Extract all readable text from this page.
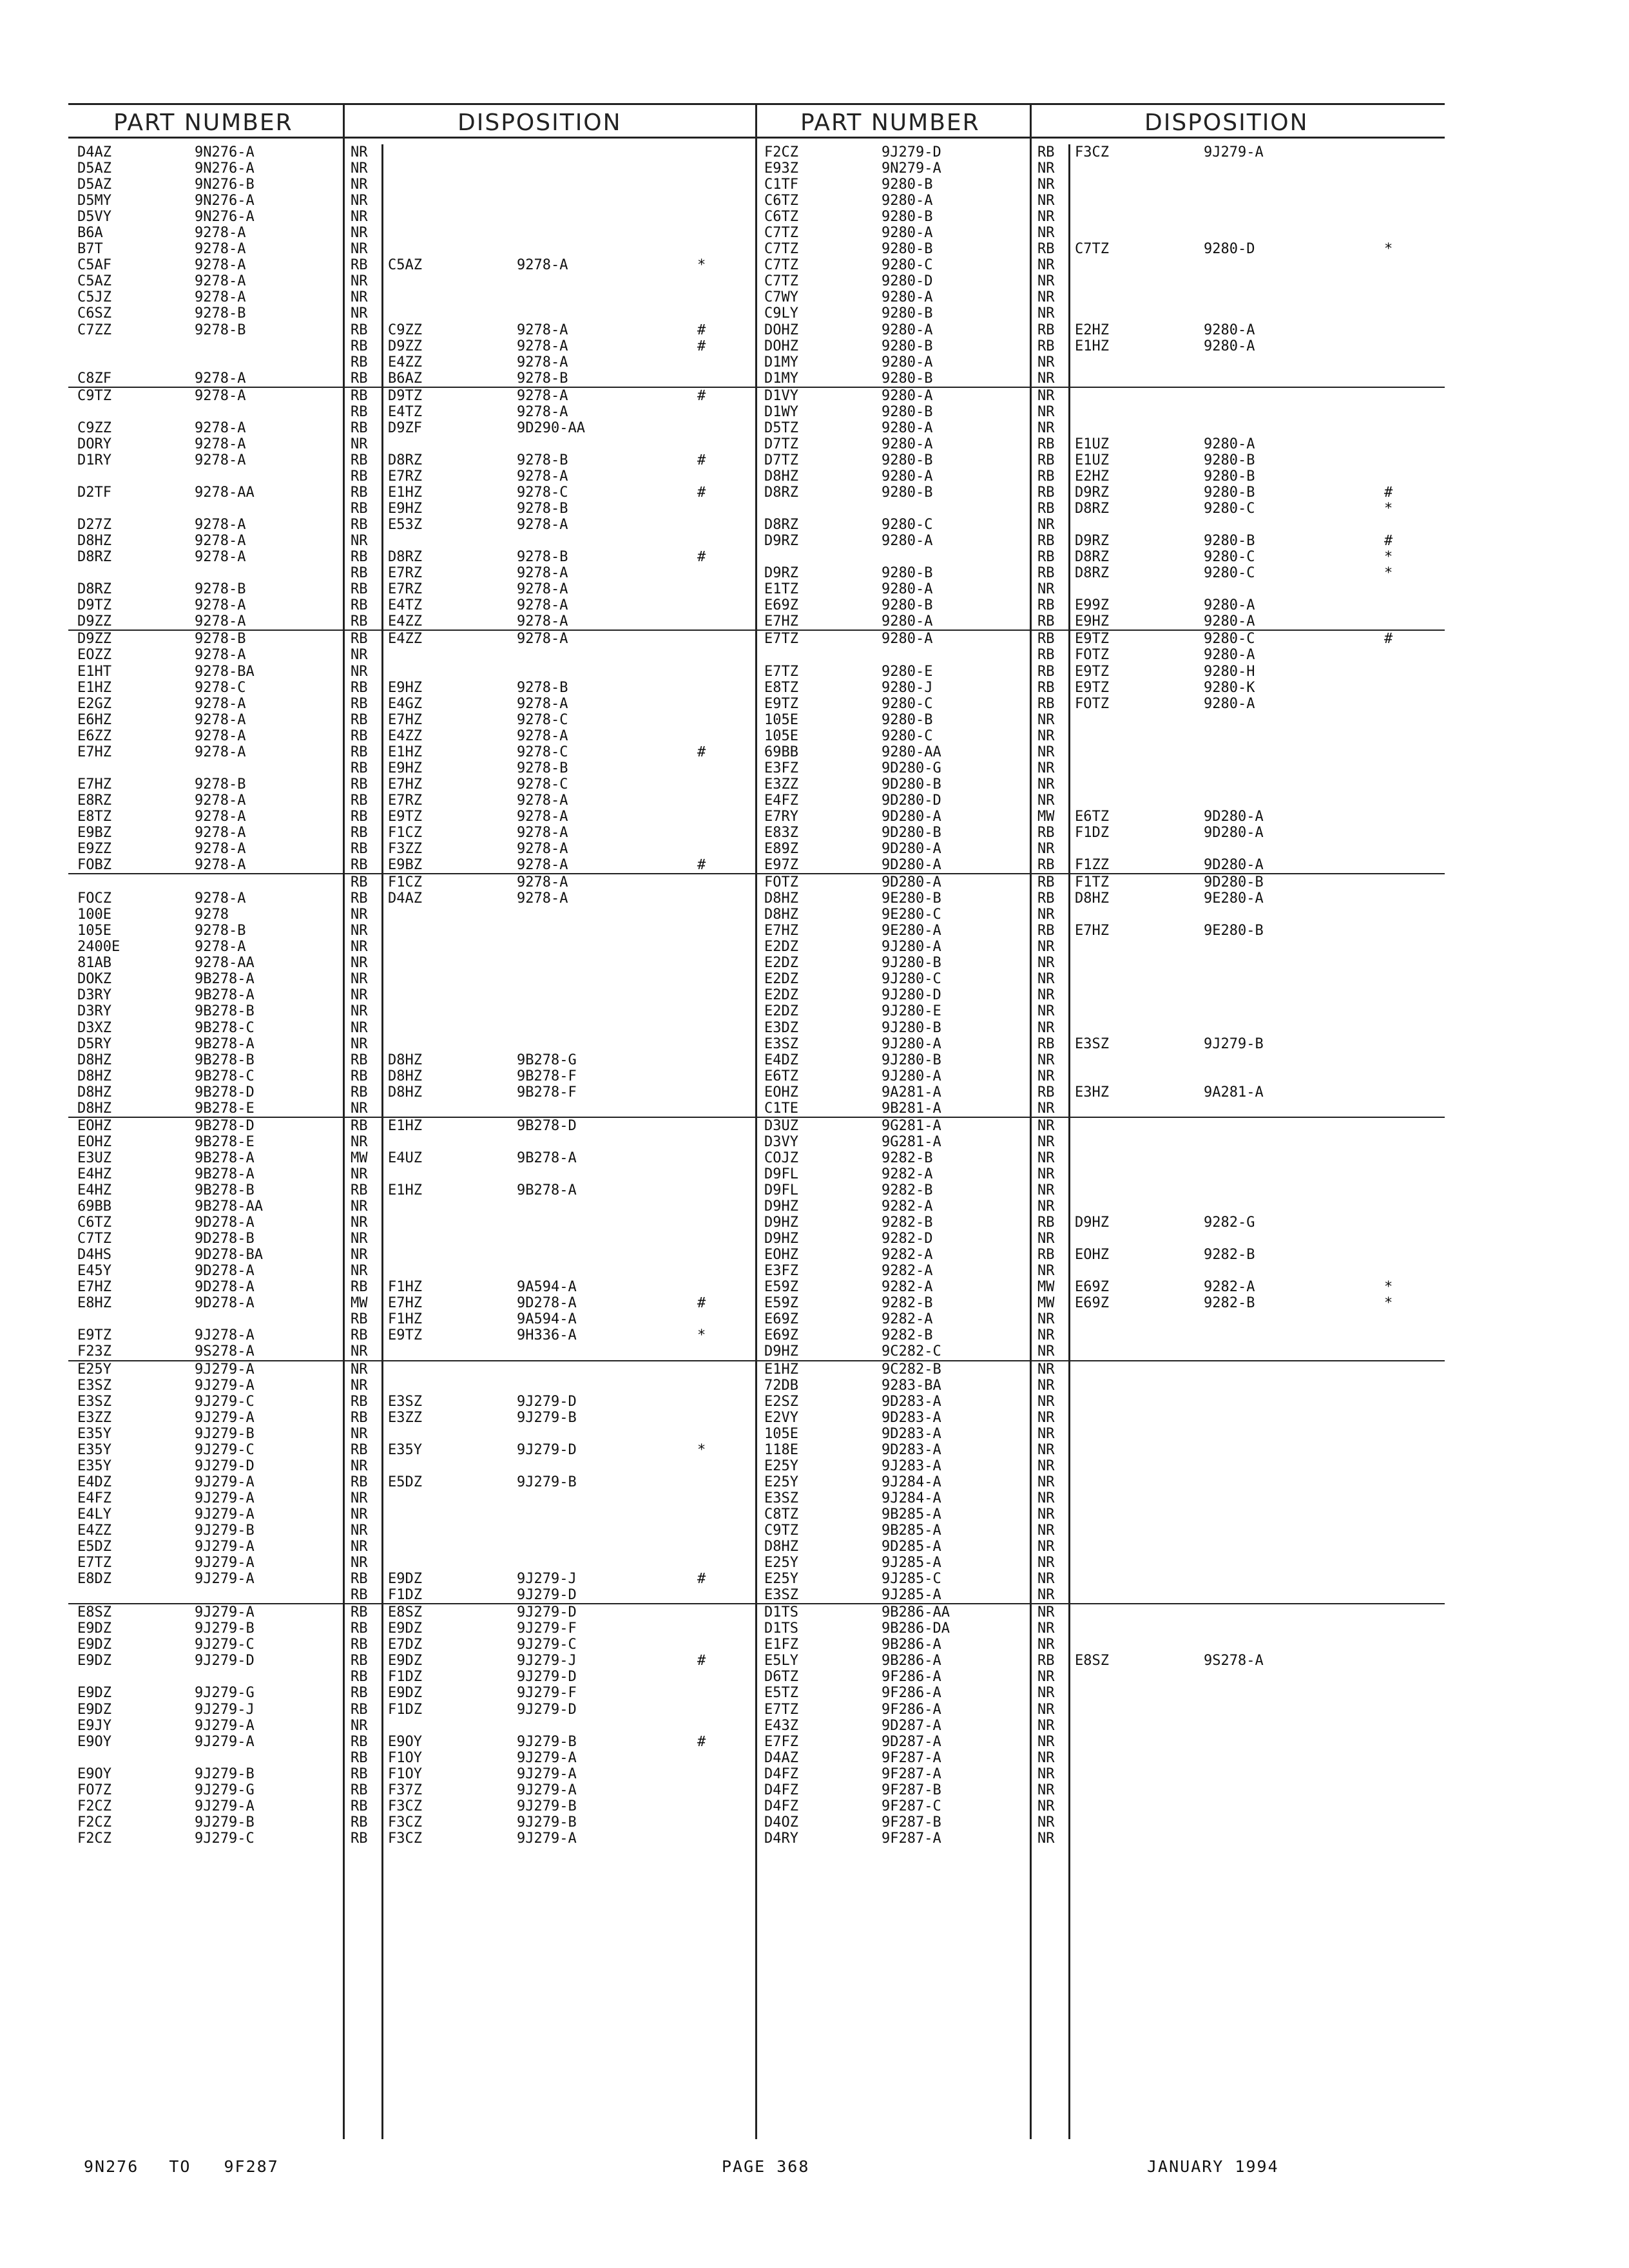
PART NUMBER	DISPOSITION
D4AZ	9N276-A	NR
D5AZ	9N276-A	NR
D5AZ	9N276-B	NR
D5MY	9N276-A	NR
D5VY	9N276-A	NR
B6A	9278-A	NR
B7T	9278-A	NR
C5AF	9278-A	RB C5AZ	9278-A	*
C5AZ	9278-A	NR
C5JZ	9278-A	NR
C6SZ	9278-B	NR
C7ZZ	9278-B	RB C9ZZ	9278-A	#
RB D9ZZ	9278-A	#
RB E4ZZ	9278-A
C8ZF	9278-A	RB B6AZ	9278-B
C9TZ	9278-A	RB D9TZ	9278-A	#
RB E4TZ	9278-A
C9ZZ	9278-A	RB D9ZF	9D290-AA
DORY	9278-A	NR
D1RY	9278-A	RB D8RZ	9278-B	#
RB E7RZ	9278-A
D2TF	9278-AA	RB E1HZ	9278-C	#
RB E9HZ	9278-B
D27Z	9278-A	RB E53Z	9278-A
D8HZ	9278-A	NR
D8RZ	9278-A	RB D8RZ	9278-B	#
RB E7RZ	9278-A
D8RZ	9278-B	RB E7RZ	9278-A
D9TZ	9278-A	RB E4TZ	9278-A
D9ZZ	9278-A	RB E4ZZ	9278-A
D9ZZ	9278-B	RB E4ZZ	9278-A
EOZZ	9278-A	NR
E1HT	9278-BA	NR
E1HZ	9278-C	RB E9HZ	9278-B
E2GZ	9278-A	RB E4GZ	9278-A
E6HZ	9278-A	RB E7HZ	9278-C
E6ZZ	9278-A	RB E4ZZ	9278-A
E7HZ	9278-A	RB E1HZ	9278-C	#
RB E9HZ	9278-B
E7HZ	9278-B	RB E7HZ	9278-C
E8RZ	9278-A	RB E7RZ	9278-A
E8TZ	9278-A	RB E9TZ	9278-A
E9BZ	9278-A	RB F1CZ	9278-A
E9ZZ	9278-A	RB F3ZZ	9278-A
FOBZ	9278-A	RB E9BZ	9278-A	#
RB F1CZ	9278-A
FOCZ	9278-A	RB D4AZ	9278-A
100E	9278	NR
105E	9278-B	NR
2400E	9278-A	NR
81AB	9278-AA	NR
DOKZ	9B278-A	NR
D3RY	9B278-A	NR
D3RY	9B278-B	NR
D3XZ	9B278-C	NR
D5RY	9B278-A	NR
D8HZ	9B278-B	RB D8HZ	9B278-G
D8HZ	9B278-C	RB D8HZ	9B278-F
D8HZ	9B278-D	RB D8HZ	9B278-F
D8HZ	9B278-E	NR
EOHZ	9B278-D	RB E1HZ	9B278-D
EOHZ	9B278-E	NR
E3UZ	9B278-A	MW E4UZ	9B278-A
E4HZ	9B278-A	NR
E4HZ	9B278-B	RB E1HZ	9B278-A
69BB	9B278-AA	NR
C6TZ	9D278-A	NR
C7TZ	9D278-B	NR
D4HS	9D278-BA	NR
E45Y	9D278-A	NR
E7HZ	9D278-A	RB F1HZ	9A594-A
E8HZ	9D278-A	MW E7HZ	9D278-A	#
RB F1HZ	9A594-A
E9TZ	9J278-A	RB E9TZ	9H336-A	*
F23Z	9S278-A	NR
E25Y	9J279-A	NR
E3SZ	9J279-A	NR
E3SZ	9J279-C	RB E3SZ	9J279-D
E3ZZ	9J279-A	RB E3ZZ	9J279-B
E35Y	9J279-B	NR
E35Y	9J279-C	RB E35Y	9J279-D	*
E35Y	9J279-D	NR
E4DZ	9J279-A	RB E5DZ	9J279-B
E4FZ	9J279-A	NR
E4LY	9J279-A	NR
E4ZZ	9J279-B	NR
E5DZ	9J279-A	NR
E7TZ	9J279-A	NR
E8DZ	9J279-A	RB E9DZ	9J279-J	#
RB F1DZ	9J279-D
E8SZ	9J279-A	RB E8SZ	9J279-D
E9DZ	9J279-B	RB E9DZ	9J279-F
E9DZ	9J279-C	RB E7DZ	9J279-C
E9DZ	9J279-D	RB E9DZ	9J279-J	#
RB F1DZ	9J279-D
E9DZ	9J279-G	RB E9DZ	9J279-F
E9DZ	9J279-J	RB F1DZ	9J279-D
E9JY	9J279-A	NR
E9OY	9J279-A	RB E9OY	9J279-B	#
RB F1OY	9J279-A
E9OY	9J279-B	RB F1OY	9J279-A
FO7Z	9J279-G	RB F37Z	9J279-A
F2CZ	9J279-A	RB F3CZ	9J279-B
F2CZ	9J279-B	RB F3CZ	9J279-B
F2CZ	9J279-C	RB F3CZ	9J279-A
PART NUMBER	DISPOSITION
F2CZ	9J279-D	RB F3CZ	9J279-A
E93Z	9N279-A	NR
C1TF	9280-B	NR
C6TZ	9280-A	NR
C6TZ	9280-B	NR
C7TZ	9280-A	NR
C7TZ	9280-B	RB C7TZ	9280-D	*
C7TZ	9280-C	NR
C7TZ	9280-D	NR
C7WY	9280-A	NR
C9LY	9280-B	NR
DOHZ	9280-A	RB E2HZ	9280-A
DOHZ	9280-B	RB E1HZ	9280-A
D1MY	9280-A	NR
D1MY	9280-B	NR
D1VY	9280-A	NR
D1WY	9280-B	NR
D5TZ	9280-A	NR
D7TZ	9280-A	RB E1UZ	9280-A
D7TZ	9280-B	RB E1UZ	9280-B
D8HZ	9280-A	RB E2HZ	9280-B
D8RZ	9280-B	RB D9RZ	9280-B	#
RB D8RZ	9280-C	*
D8RZ	9280-C	NR
D9RZ	9280-A	RB D9RZ	9280-B	#
RB D8RZ	9280-C	*
D9RZ	9280-B	RB D8RZ	9280-C	*
E1TZ	9280-A	NR
E69Z	9280-B	RB E99Z	9280-A
E7HZ	9280-A	RB E9HZ	9280-A
E7TZ	9280-A	RB E9TZ	9280-C	#
RB FOTZ	9280-A
E7TZ	9280-E	RB E9TZ	9280-H
E8TZ	9280-J	RB E9TZ	9280-K
E9TZ	9280-C	RB FOTZ	9280-A
105E	9280-B	NR
105E	9280-C	NR
69BB	9280-AA	NR
E3FZ	9D280-G	NR
E3ZZ	9D280-B	NR
E4FZ	9D280-D	NR
E7RY	9D280-A	MW E6TZ	9D280-A
E83Z	9D280-B	RB F1DZ	9D280-A
E89Z	9D280-A	NR
E97Z	9D280-A	RB F1ZZ	9D280-A
FOTZ	9D280-A	RB F1TZ	9D280-B
D8HZ	9E280-B	RB D8HZ	9E280-A
D8HZ	9E280-C	NR
E7HZ	9E280-A	RB E7HZ	9E280-B
E2DZ	9J280-A	NR
E2DZ	9J280-B	NR
E2DZ	9J280-C	NR
E2DZ	9J280-D	NR
E2DZ	9J280-E	NR
E3DZ	9J280-B	NR
E3SZ	9J280-A	RB E3SZ	9J279-B
E4DZ	9J280-B	NR
E6TZ	9J280-A	NR
EOHZ	9A281-A	RB E3HZ	9A281-A
C1TE	9B281-A	NR
D3UZ	9G281-A	NR
D3VY	9G281-A	NR
COJZ	9282-B	NR
D9FL	9282-A	NR
D9FL	9282-B	NR
D9HZ	9282-A	NR
D9HZ	9282-B	RB D9HZ	9282-G
D9HZ	9282-D	NR
EOHZ	9282-A	RB EOHZ	9282-B
E3FZ	9282-A	NR
E59Z	9282-A	MW E69Z	9282-A	*
E59Z	9282-B	MW E69Z	9282-B	*
E69Z	9282-A	NR
E69Z	9282-B	NR
D9HZ	9C282-C	NR
E1HZ	9C282-B	NR
72DB	9283-BA	NR
E2SZ	9D283-A	NR
E2VY	9D283-A	NR
105E	9D283-A	NR
118E	9D283-A	NR
E25Y	9J283-A	NR
E25Y	9J284-A	NR
E3SZ	9J284-A	NR
C8TZ	9B285-A	NR
C9TZ	9B285-A	NR
D8HZ	9D285-A	NR
E25Y	9J285-A	NR
E25Y	9J285-C	NR
E3SZ	9J285-A	NR
D1TS	9B286-AA	NR
D1TS	9B286-DA	NR
E1FZ	9B286-A	NR
E5LY	9B286-A	RB E8SZ	9S278-A
D6TZ	9F286-A	NR
E5TZ	9F286-A	NR
E7TZ	9F286-A	NR
E43Z	9D287-A	NR
E7FZ	9D287-A	NR
D4AZ	9F287-A	NR
D4FZ	9F287-A	NR
D4FZ	9F287-B	NR
D4FZ	9F287-C	NR
D4OZ	9F287-B	NR
D4RY	9F287-A	NR
9N276 TO 9F287	PAGE 368	JANUARY 1994
